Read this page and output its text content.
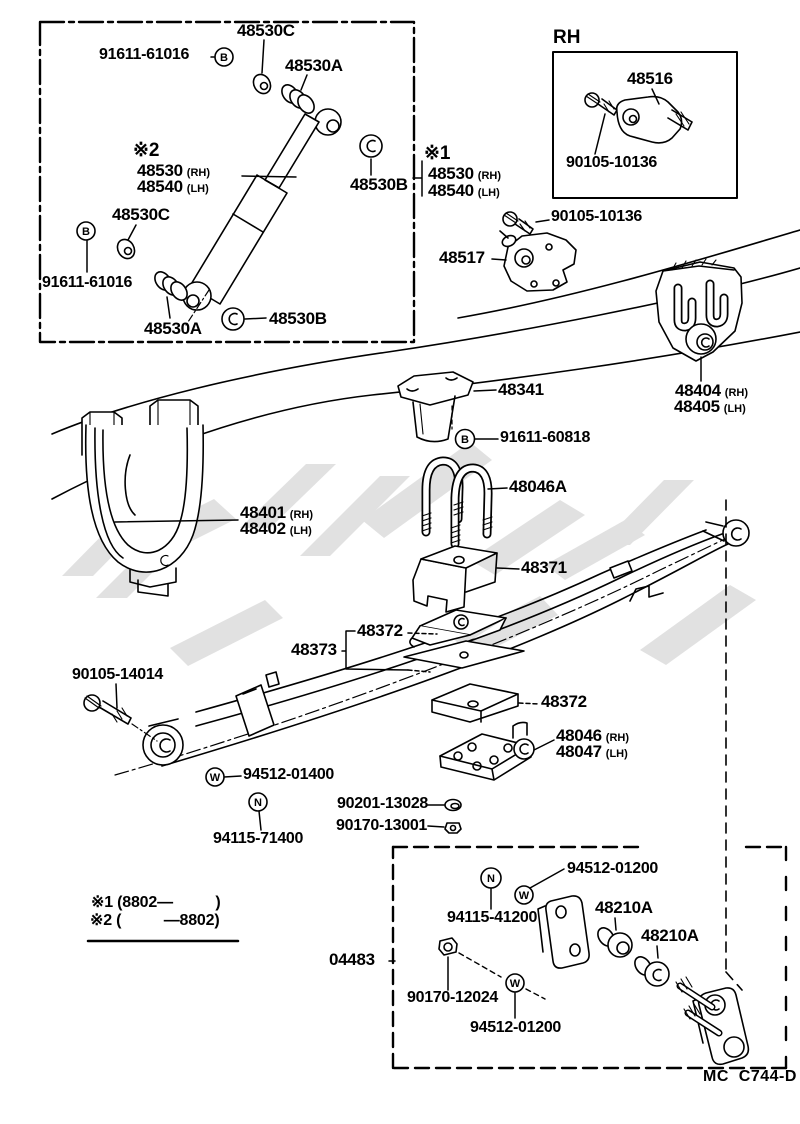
B
B
B
W
N
N
W
W
48530C
91611-61016
48530A
※2
48530 (RH)
48540 (LH)	48530B
48530C
91611-61016
48530A
48530B
※1
48530 (RH)
48540 (LH)
RH
48516
90105-10136
90105-10136
48517
48404 (RH)
48405 (LH)
48341
91611-60818
48046A
48401 (RH)
48402 (LH)
48371
48372
48373
48372
48046 (RH)
48047 (LH)
90105-14014
94512-01400
94115-71400
90201-13028
90170-13001
※1
(8802—          )
※2
(          —8802)
04483
94512-01200
94115-41200
48210A
48210A
90170-12024
94512-01200
MC  C744-D
